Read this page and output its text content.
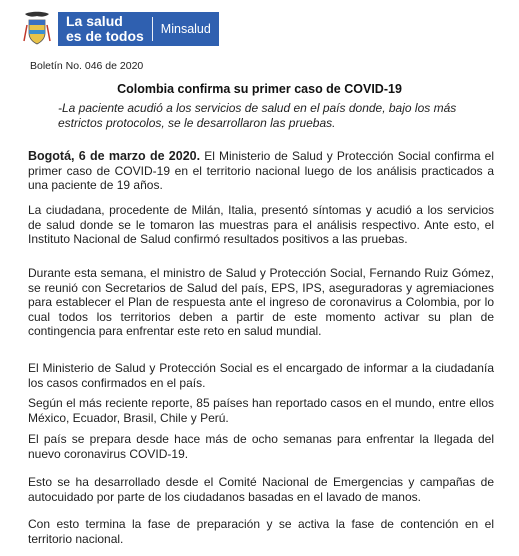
La salud
es de todos	Minsalud
Boletín No. 046 de 2020
Colombia confirma su primer caso de COVID-19
-La paciente acudió a los servicios de salud en el país donde, bajo los más estrictos protocolos, se le desarrollaron las pruebas.

Bogotá, 6 de marzo de 2020. El Ministerio de Salud y Protección Social confirma el primer caso de COVID-19 en el territorio nacional luego de los análisis practicados a una paciente de 19 años.

La ciudadana, procedente de Milán, Italia, presentó síntomas y acudió a los servicios de salud donde se le tomaron las muestras para el análisis respectivo. Ante esto, el Instituto Nacional de Salud confirmó resultados positivos a las pruebas.

Durante esta semana, el ministro de Salud y Protección Social, Fernando Ruiz Gómez, se reunió con Secretarios de Salud del país, EPS, IPS, aseguradoras y agremiaciones para establecer el Plan de respuesta ante el ingreso de coronavirus a Colombia, por lo cual todos los territorios deben a partir de este momento activar su plan de contingencia para enfrentar este reto en salud mundial.

El Ministerio de Salud y Protección Social es el encargado de informar a la ciudadanía los casos confirmados en el país.

Según el más reciente reporte, 85 países han reportado casos en el mundo, entre ellos México, Ecuador, Brasil, Chile y Perú.

El país se prepara desde hace más de ocho semanas para enfrentar la llegada del nuevo coronavirus COVID-19.

Esto se ha desarrollado desde el Comité Nacional de Emergencias y campañas de autocuidado por parte de los ciudadanos basadas en el lavado de manos.

Con esto termina la fase de preparación y se activa la fase de contención en el territorio nacional.
